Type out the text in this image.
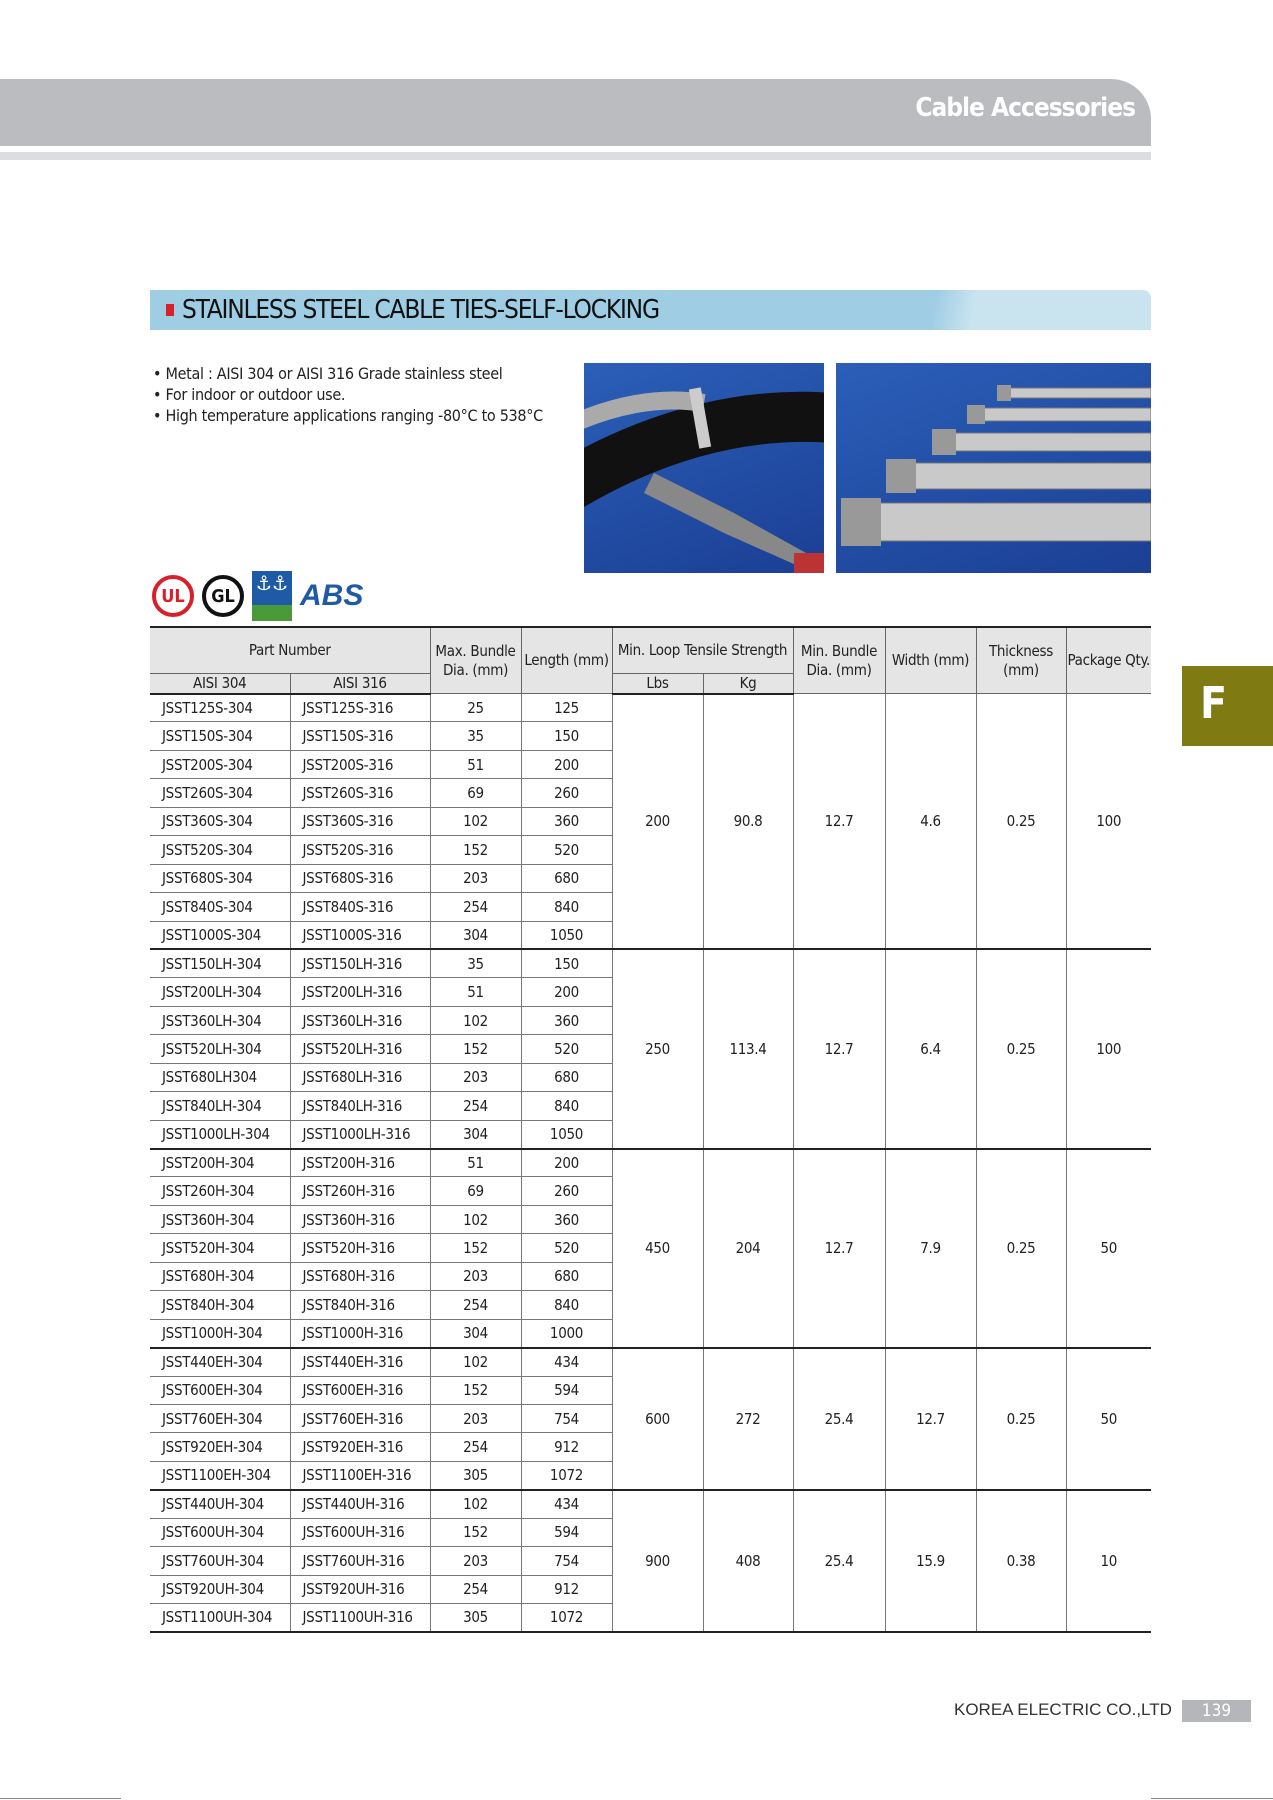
Cable Accessories
STAINLESS STEEL CABLE TIES-SELF-LOCKING
• Metal : AISI 304 or AISI 316 Grade stainless steel
• For indoor or outdoor use.
• High temperature applications ranging -80°C to 538°C
UL	GL
⚓⚓ ABS
Part Number		Max. Bundle Dia. (mm)	Length (mm)	Min. Loop Tensile Strength		Min. Bundle Dia. (mm)	Width (mm)	Thickness (mm)	Package Qty.
AISI 304	AISI 316			Lbs	Kg				
JSST125S-304	JSST125S-316	25	125	200	90.8	12.7	4.6	0.25	100
JSST150S-304	JSST150S-316	35	150						
JSST200S-304	JSST200S-316	51	200						
JSST260S-304	JSST260S-316	69	260						
JSST360S-304	JSST360S-316	102	360						
JSST520S-304	JSST520S-316	152	520						
JSST680S-304	JSST680S-316	203	680						
JSST840S-304	JSST840S-316	254	840						
JSST1000S-304	JSST1000S-316	304	1050						
JSST150LH-304	JSST150LH-316	35	150	250	113.4	12.7	6.4	0.25	100
JSST200LH-304	JSST200LH-316	51	200						
JSST360LH-304	JSST360LH-316	102	360						
JSST520LH-304	JSST520LH-316	152	520						
JSST680LH304	JSST680LH-316	203	680						
JSST840LH-304	JSST840LH-316	254	840						
JSST1000LH-304	JSST1000LH-316	304	1050						
JSST200H-304	JSST200H-316	51	200	450	204	12.7	7.9	0.25	50
JSST260H-304	JSST260H-316	69	260						
JSST360H-304	JSST360H-316	102	360						
JSST520H-304	JSST520H-316	152	520						
JSST680H-304	JSST680H-316	203	680						
JSST840H-304	JSST840H-316	254	840						
JSST1000H-304	JSST1000H-316	304	1000						
JSST440EH-304	JSST440EH-316	102	434	600	272	25.4	12.7	0.25	50
JSST600EH-304	JSST600EH-316	152	594						
JSST760EH-304	JSST760EH-316	203	754						
JSST920EH-304	JSST920EH-316	254	912						
JSST1100EH-304	JSST1100EH-316	305	1072						
JSST440UH-304	JSST440UH-316	102	434	900	408	25.4	15.9	0.38	10
JSST600UH-304	JSST600UH-316	152	594						
JSST760UH-304	JSST760UH-316	203	754						
JSST920UH-304	JSST920UH-316	254	912						
JSST1100UH-304	JSST1100UH-316	305	1072						
F
KOREA ELECTRIC CO.,LTD	139
